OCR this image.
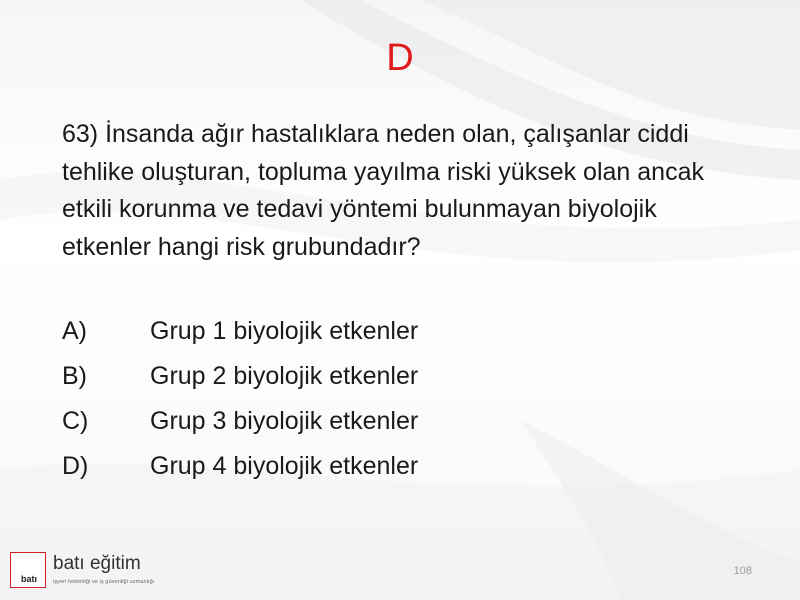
D
63) İnsanda ağır hastalıklara neden olan, çalışanlar ciddi tehlike oluşturan, topluma yayılma riski yüksek olan ancak etkili korunma ve tedavi yöntemi bulunmayan biyolojik etkenler hangi risk grubundadır?
A)	Grup 1 biyolojik etkenler
B)	Grup 2 biyolojik etkenler
C)	Grup 3 biyolojik etkenler
D)	Grup 4 biyolojik etkenler
batı
batı eğitim
işyeri hekimliği ve iş güvenliği uzmanlığı
108
